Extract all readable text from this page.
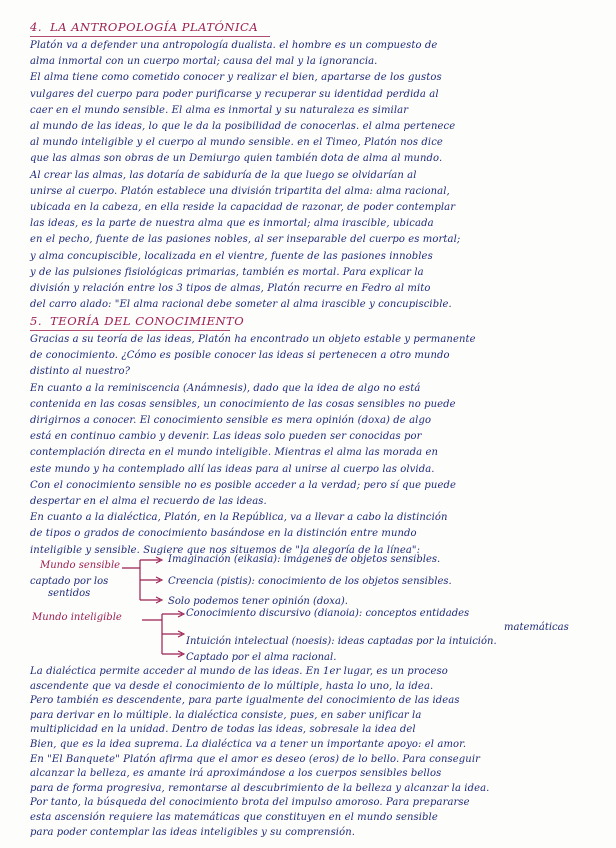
4. LA ANTROPOLOGÍA PLATÓNICA
Platón va a defender una antropología dualista. el hombre es un compuesto de
alma inmortal con un cuerpo mortal; causa del mal y la ignorancia.
El alma tiene como cometido conocer y realizar el bien, apartarse de los gustos
vulgares del cuerpo para poder purificarse y recuperar su identidad perdida al
caer en el mundo sensible. El alma es inmortal y su naturaleza es similar
al mundo de las ideas, lo que le da la posibilidad de conocerlas. el alma pertenece
al mundo inteligible y el cuerpo al mundo sensible. en el Timeo, Platón nos dice
que las almas son obras de un Demiurgo quien también dota de alma al mundo.
Al crear las almas, las dotaría de sabiduría de la que luego se olvidarían al
unirse al cuerpo. Platón establece una división tripartita del alma: alma racional,
ubicada en la cabeza, en ella reside la capacidad de razonar, de poder contemplar
las ideas, es la parte de nuestra alma que es inmortal; alma irascible, ubicada
en el pecho, fuente de las pasiones nobles, al ser inseparable del cuerpo es mortal;
y alma concupiscible, localizada en el vientre, fuente de las pasiones innobles
y de las pulsiones fisiológicas primarias, también es mortal. Para explicar la
división y relación entre los 3 tipos de almas, Platón recurre en Fedro al mito
del carro alado: "El alma racional debe someter al alma irascible y concupiscible.
5. TEORÍA DEL CONOCIMIENTO
Gracias a su teoría de las ideas, Platón ha encontrado un objeto estable y permanente
de conocimiento. ¿Cómo es posible conocer las ideas si pertenecen a otro mundo
distinto al nuestro?
En cuanto a la reminiscencia (Anámnesis), dado que la idea de algo no está
contenida en las cosas sensibles, un conocimiento de las cosas sensibles no puede
dirigirnos a conocer. El conocimiento sensible es mera opinión (doxa) de algo
está en continuo cambio y devenir. Las ideas solo pueden ser conocidas por
contemplación directa en el mundo inteligible. Mientras el alma las morada en
este mundo y ha contemplado allí las ideas para al unirse al cuerpo las olvida.
Con el conocimiento sensible no es posible acceder a la verdad; pero sí que puede
despertar en el alma el recuerdo de las ideas.
En cuanto a la dialéctica, Platón, en la República, va a llevar a cabo la distinción
de tipos o grados de conocimiento basándose en la distinción entre mundo
inteligible y sensible. Sugiere que nos situemos de "la alegoría de la línea":
Mundo sensible
captado por los
sentidos
Imaginación (eikasia): imágenes de objetos sensibles.
Creencia (pistis): conocimiento de los objetos sensibles.
Solo podemos tener opinión (doxa).
Mundo inteligible	Conocimiento discursivo (dianoia): conceptos entidades
matemáticas
Intuición intelectual (noesis): ideas captadas por la intuición.
Captado por el alma racional.
La dialéctica permite acceder al mundo de las ideas. En 1er lugar, es un proceso
ascendente que va desde el conocimiento de lo múltiple, hasta lo uno, la idea.
Pero también es descendente, para parte igualmente del conocimiento de las ideas
para derivar en lo múltiple. la dialéctica consiste, pues, en saber unificar la
multiplicidad en la unidad. Dentro de todas las ideas, sobresale la idea del
Bien, que es la idea suprema. La dialéctica va a tener un importante apoyo: el amor.
En "El Banquete" Platón afirma que el amor es deseo (eros) de lo bello. Para conseguir
alcanzar la belleza, es amante irá aproximándose a los cuerpos sensibles bellos
para de forma progresiva, remontarse al descubrimiento de la belleza y alcanzar la idea.
Por tanto, la búsqueda del conocimiento brota del impulso amoroso. Para prepararse
esta ascensión requiere las matemáticas que constituyen en el mundo sensible
para poder contemplar las ideas inteligibles y su comprensión.
